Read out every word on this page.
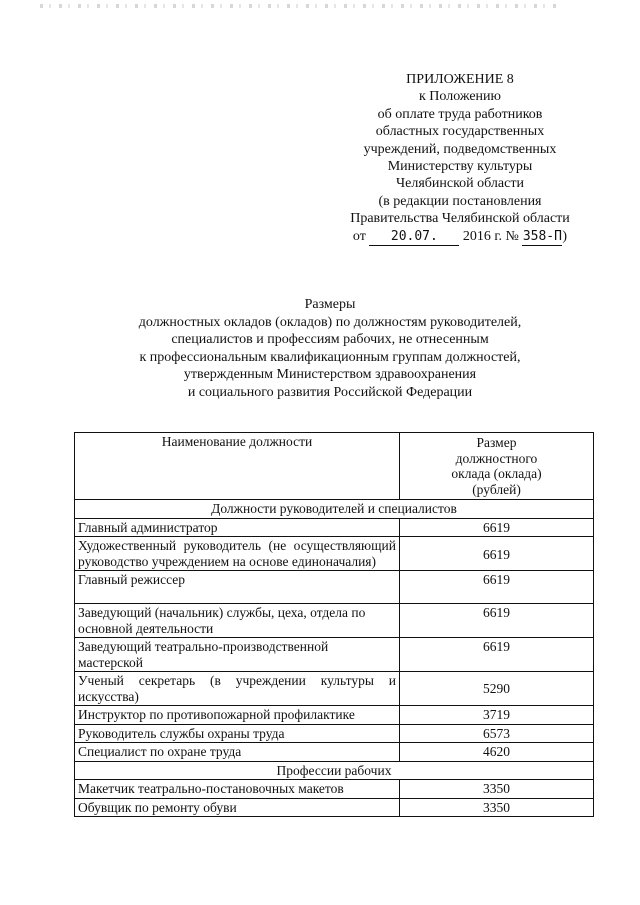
ПРИЛОЖЕНИЕ 8
к Положению
об оплате труда работников
областных государственных
учреждений, подведомственных
Министерству культуры
Челябинской области
(в редакции постановления
Правительства Челябинской области
от 20.07. 2016 г. № 358-П)
Размеры
должностных окладов (окладов) по должностям руководителей,
специалистов и профессиям рабочих, не отнесенным
к профессиональным квалификационным группам должностей,
утвержденным Министерством здравоохранения
и социального развития Российской Федерации
Наименование должности	Размер должностного оклада (оклада) (рублей)
Должности руководителей и специалистов	
Главный администратор	6619
Художественный руководитель (не осуществляющий руководство учреждением на основе единоначалия)	6619
Главный режиссер	6619
Заведующий (начальник) службы, цеха, отдела по основной деятельности	6619
Заведующий театрально-производственной мастерской	6619
Ученый секретарь (в учреждении культуры и искусства)	5290
Инструктор по противопожарной профилактике	3719
Руководитель службы охраны труда	6573
Специалист по охране труда	4620
Профессии рабочих	
Макетчик театрально-постановочных макетов	3350
Обувщик по ремонту обуви	3350
